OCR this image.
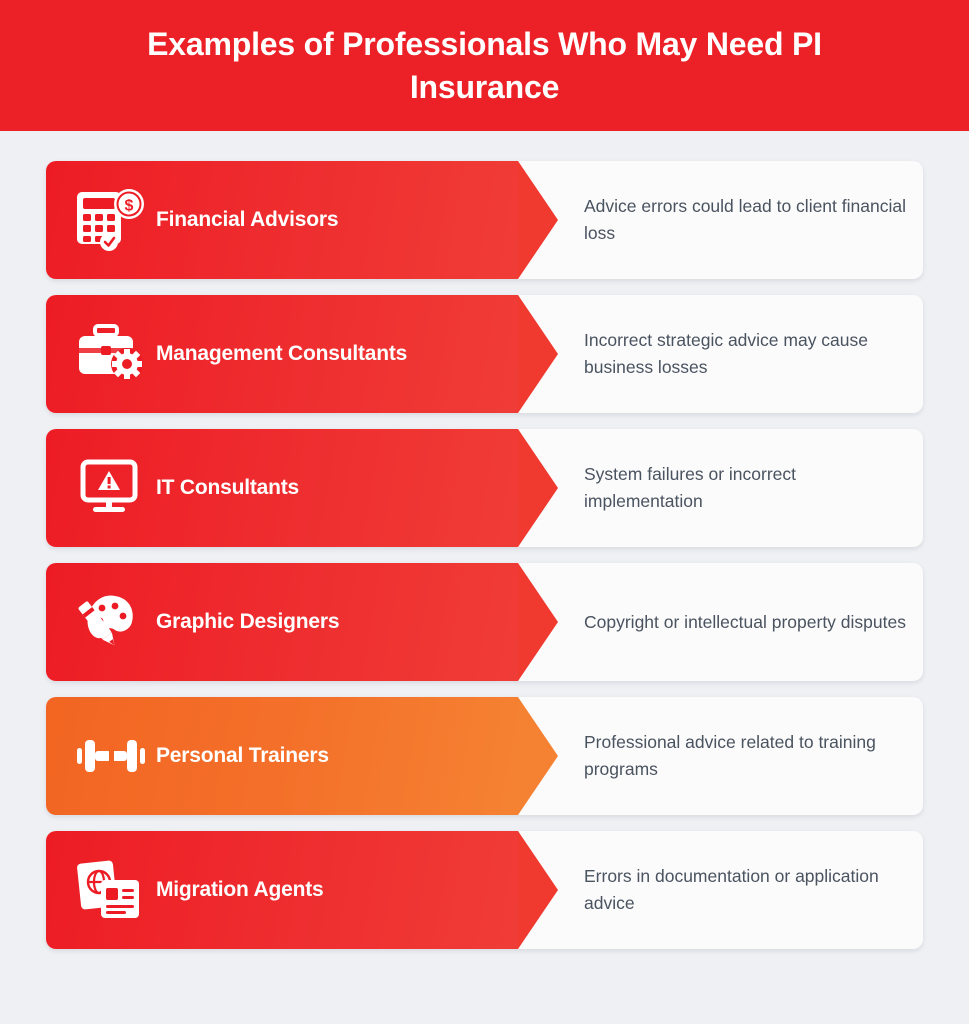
Examples of Professionals Who May Need PI Insurance
Advice errors could lead to client financial loss
$
Financial Advisors
Incorrect strategic advice may cause business losses
Management Consultants
System failures or incorrect implementation
IT Consultants
Copyright or intellectual property disputes
Graphic Designers
Professional advice related to training programs
Personal Trainers
Errors in documentation or application advice
Migration Agents
